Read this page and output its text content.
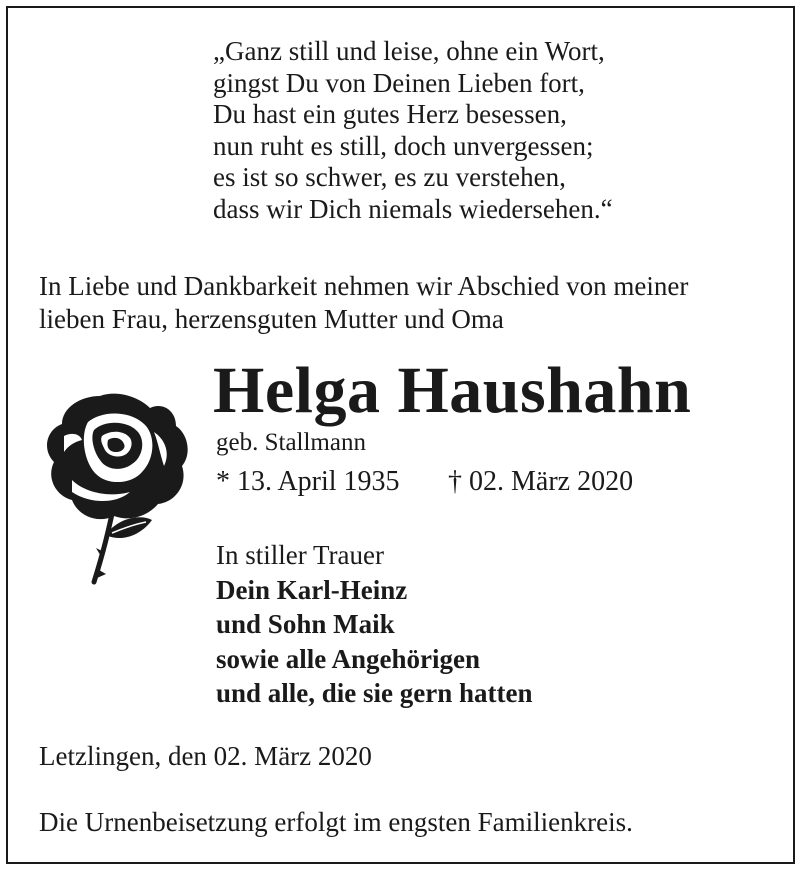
„Ganz still und leise, ohne ein Wort,
gingst Du von Deinen Lieben fort,
Du hast ein gutes Herz besessen,
nun ruht es still, doch unvergessen;
es ist so schwer, es zu verstehen,
dass wir Dich niemals wiedersehen.“
In Liebe und Dankbarkeit nehmen wir Abschied von meiner
lieben Frau, herzensguten Mutter und Oma
Helga Haushahn
geb. Stallmann
* 13. April 1935 † 02. März 2020
In stiller Trauer
Dein Karl-Heinz
und Sohn Maik
sowie alle Angehörigen
und alle, die sie gern hatten
Letzlingen, den 02. März 2020
Die Urnenbeisetzung erfolgt im engsten Familienkreis.
